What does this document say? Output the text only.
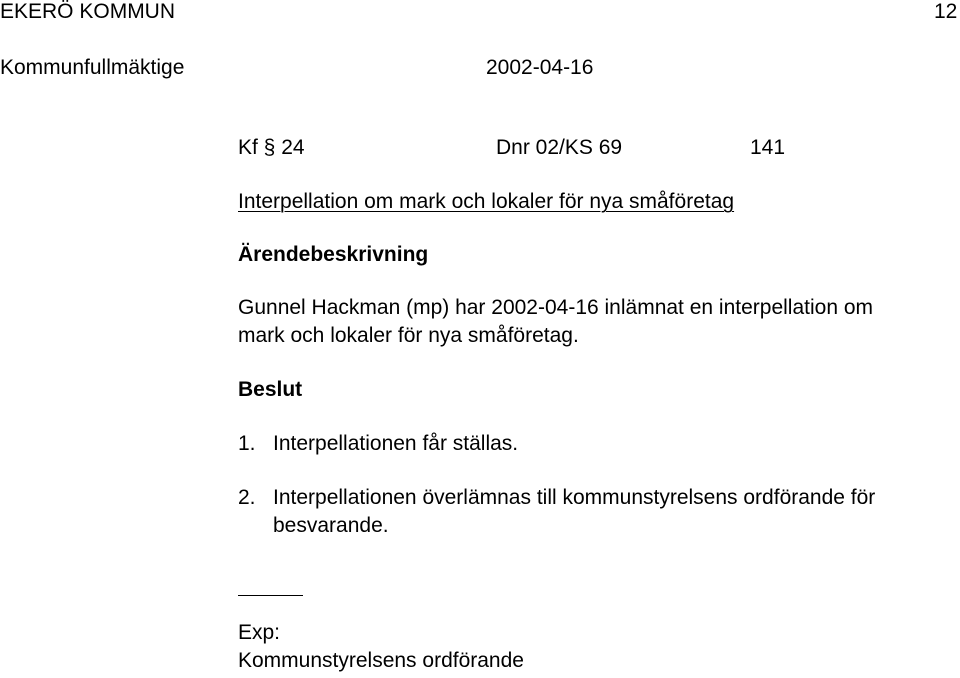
EKERÖ KOMMUN	12
Kommunfullmäktige	2002-04-16
Kf § 24	Dnr 02/KS 69	141
Interpellation om mark och lokaler för nya småföretag
Ärendebeskrivning
Gunnel Hackman (mp) har 2002-04-16 inlämnat en interpellation om
mark och lokaler för nya småföretag.
Beslut
1. Interpellationen får ställas.
2. Interpellationen överlämnas till kommunstyrelsens ordförande för
besvarande.
Exp:
Kommunstyrelsens ordförande
